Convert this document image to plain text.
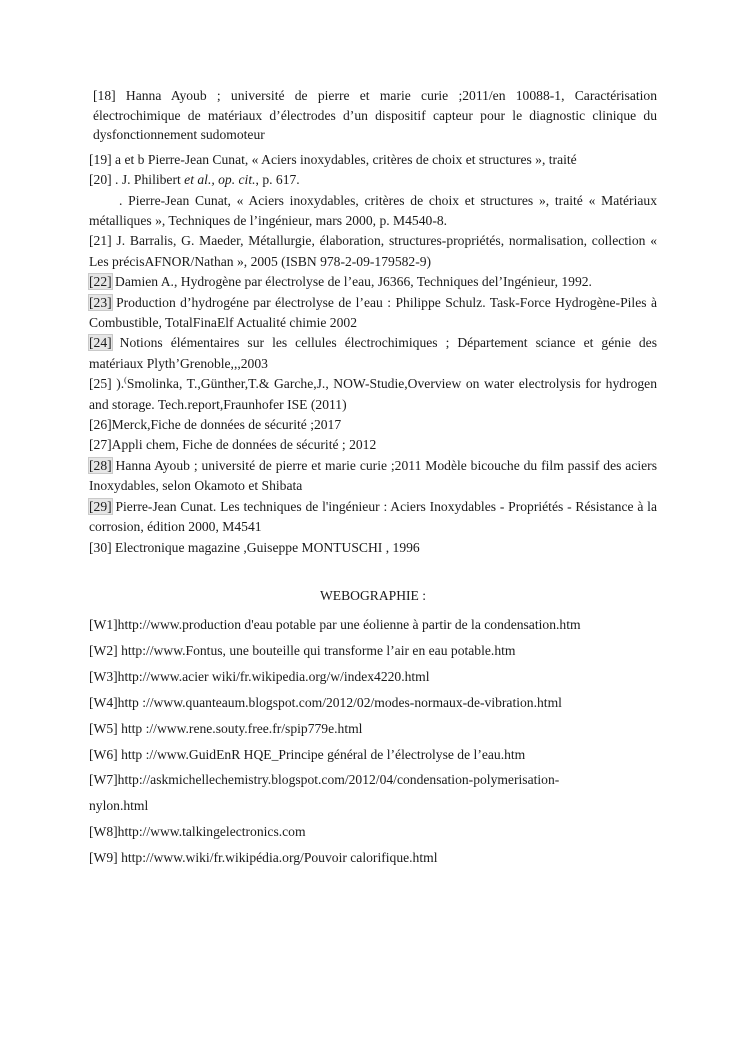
[18] Hanna Ayoub ; université de pierre et marie curie ;2011/en 10088-1, Caractérisation électrochimique de matériaux d’électrodes d’un dispositif capteur pour le diagnostic clinique du dysfonctionnement sudomoteur

[19] a et b Pierre-Jean Cunat, « Aciers inoxydables, critères de choix et structures », traité

[20] . J. Philibert et al., op. cit., p. 617.

. Pierre-Jean Cunat, « Aciers inoxydables, critères de choix et structures », traité « Matériaux métalliques », Techniques de l’ingénieur, mars 2000, p. M4540-8.

[21] J. Barralis, G. Maeder, Métallurgie, élaboration, structures-propriétés, normalisation, collection « Les précisAFNOR/Nathan », 2005 (ISBN 978-2-09-179582-9)

[22] Damien A., Hydrogène par électrolyse de l’eau, J6366, Techniques del’Ingénieur, 1992.

[23] Production d’hydrogéne par électrolyse de l’eau : Philippe Schulz. Task-Force Hydrogène-Piles à Combustible, TotalFinaElf Actualité chimie 2002

[24] Notions élémentaires sur les cellules électrochimiques ; Département sciance et génie des matériaux Plyth’Grenoble,,,2003

[25] ).(Smolinka, T.,Günther,T.& Garche,J., NOW-Studie,Overview on water electrolysis for hydrogen and storage. Tech.report,Fraunhofer ISE (2011)

[26]Merck,Fiche de données de sécurité ;2017

[27]Appli chem, Fiche de données de sécurité ; 2012

[28] Hanna Ayoub ; université de pierre et marie curie ;2011 Modèle bicouche du film passif des aciers Inoxydables, selon Okamoto et Shibata

[29] Pierre-Jean Cunat. Les techniques de l'ingénieur : Aciers Inoxydables - Propriétés - Résistance à la corrosion, édition 2000, M4541

[30] Electronique magazine ,Guiseppe MONTUSCHI , 1996

WEBOGRAPHIE :

[W1]http://www.production d'eau potable par une éolienne à partir de la condensation.htm

[W2] http://www.Fontus, une bouteille qui transforme l’air en eau potable.htm

[W3]http://www.acier wiki/fr.wikipedia.org/w/index4220.html

[W4]http ://www.quanteaum.blogspot.com/2012/02/modes-normaux-de-vibration.html

[W5] http ://www.rene.souty.free.fr/spip779e.html

[W6] http ://www.GuidEnR HQE_Principe général de l’électrolyse de l’eau.htm

[W7]http://askmichellechemistry.blogspot.com/2012/04/condensation-polymerisation-

nylon.html

[W8]http://www.talkingelectronics.com

[W9] http://www.wiki/fr.wikipédia.org/Pouvoir calorifique.html
